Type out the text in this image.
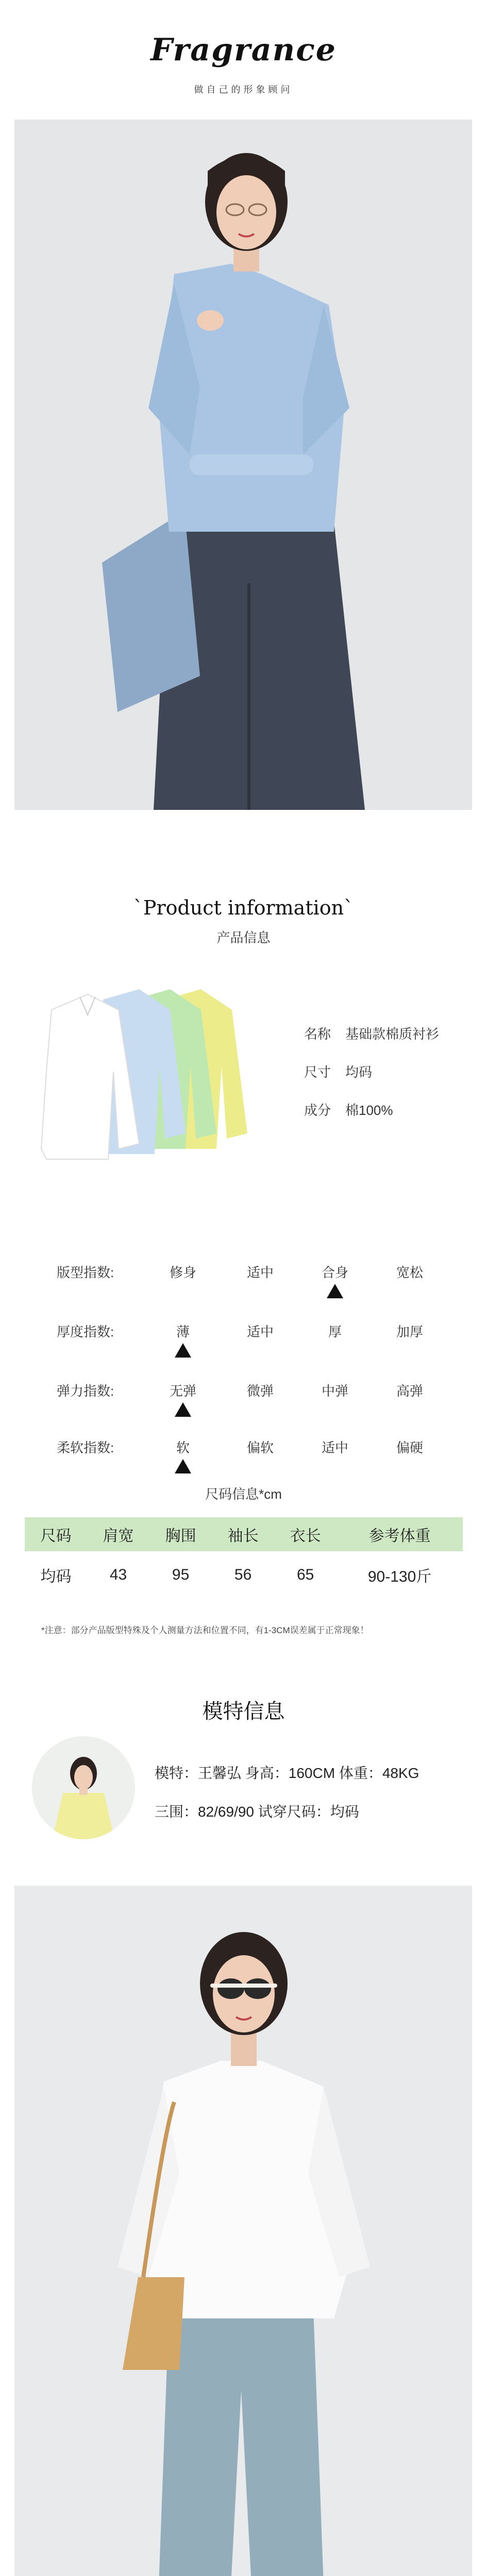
Fragrance
做自己的形象顾问
`Product information`
产品信息
名称 基础款棉质衬衫
尺寸 均码
成分 棉100%
版型指数:	修身	适中	合身	宽松
厚度指数:	薄	适中	厚	加厚
弹力指数:	无弹	微弹	中弹	高弹
柔软指数:	软	偏软	适中	偏硬
尺码信息*cm
尺码	肩宽	胸围	袖长	衣长	参考体重
均码	43	95	56	65	90-130斤
*注意：部分产品版型特殊及个人测量方法和位置不同，有1-3CM误差属于正常现象！
模特信息
模特：王馨弘 身高：160CM 体重：48KG
三围：82/69/90 试穿尺码：均码
